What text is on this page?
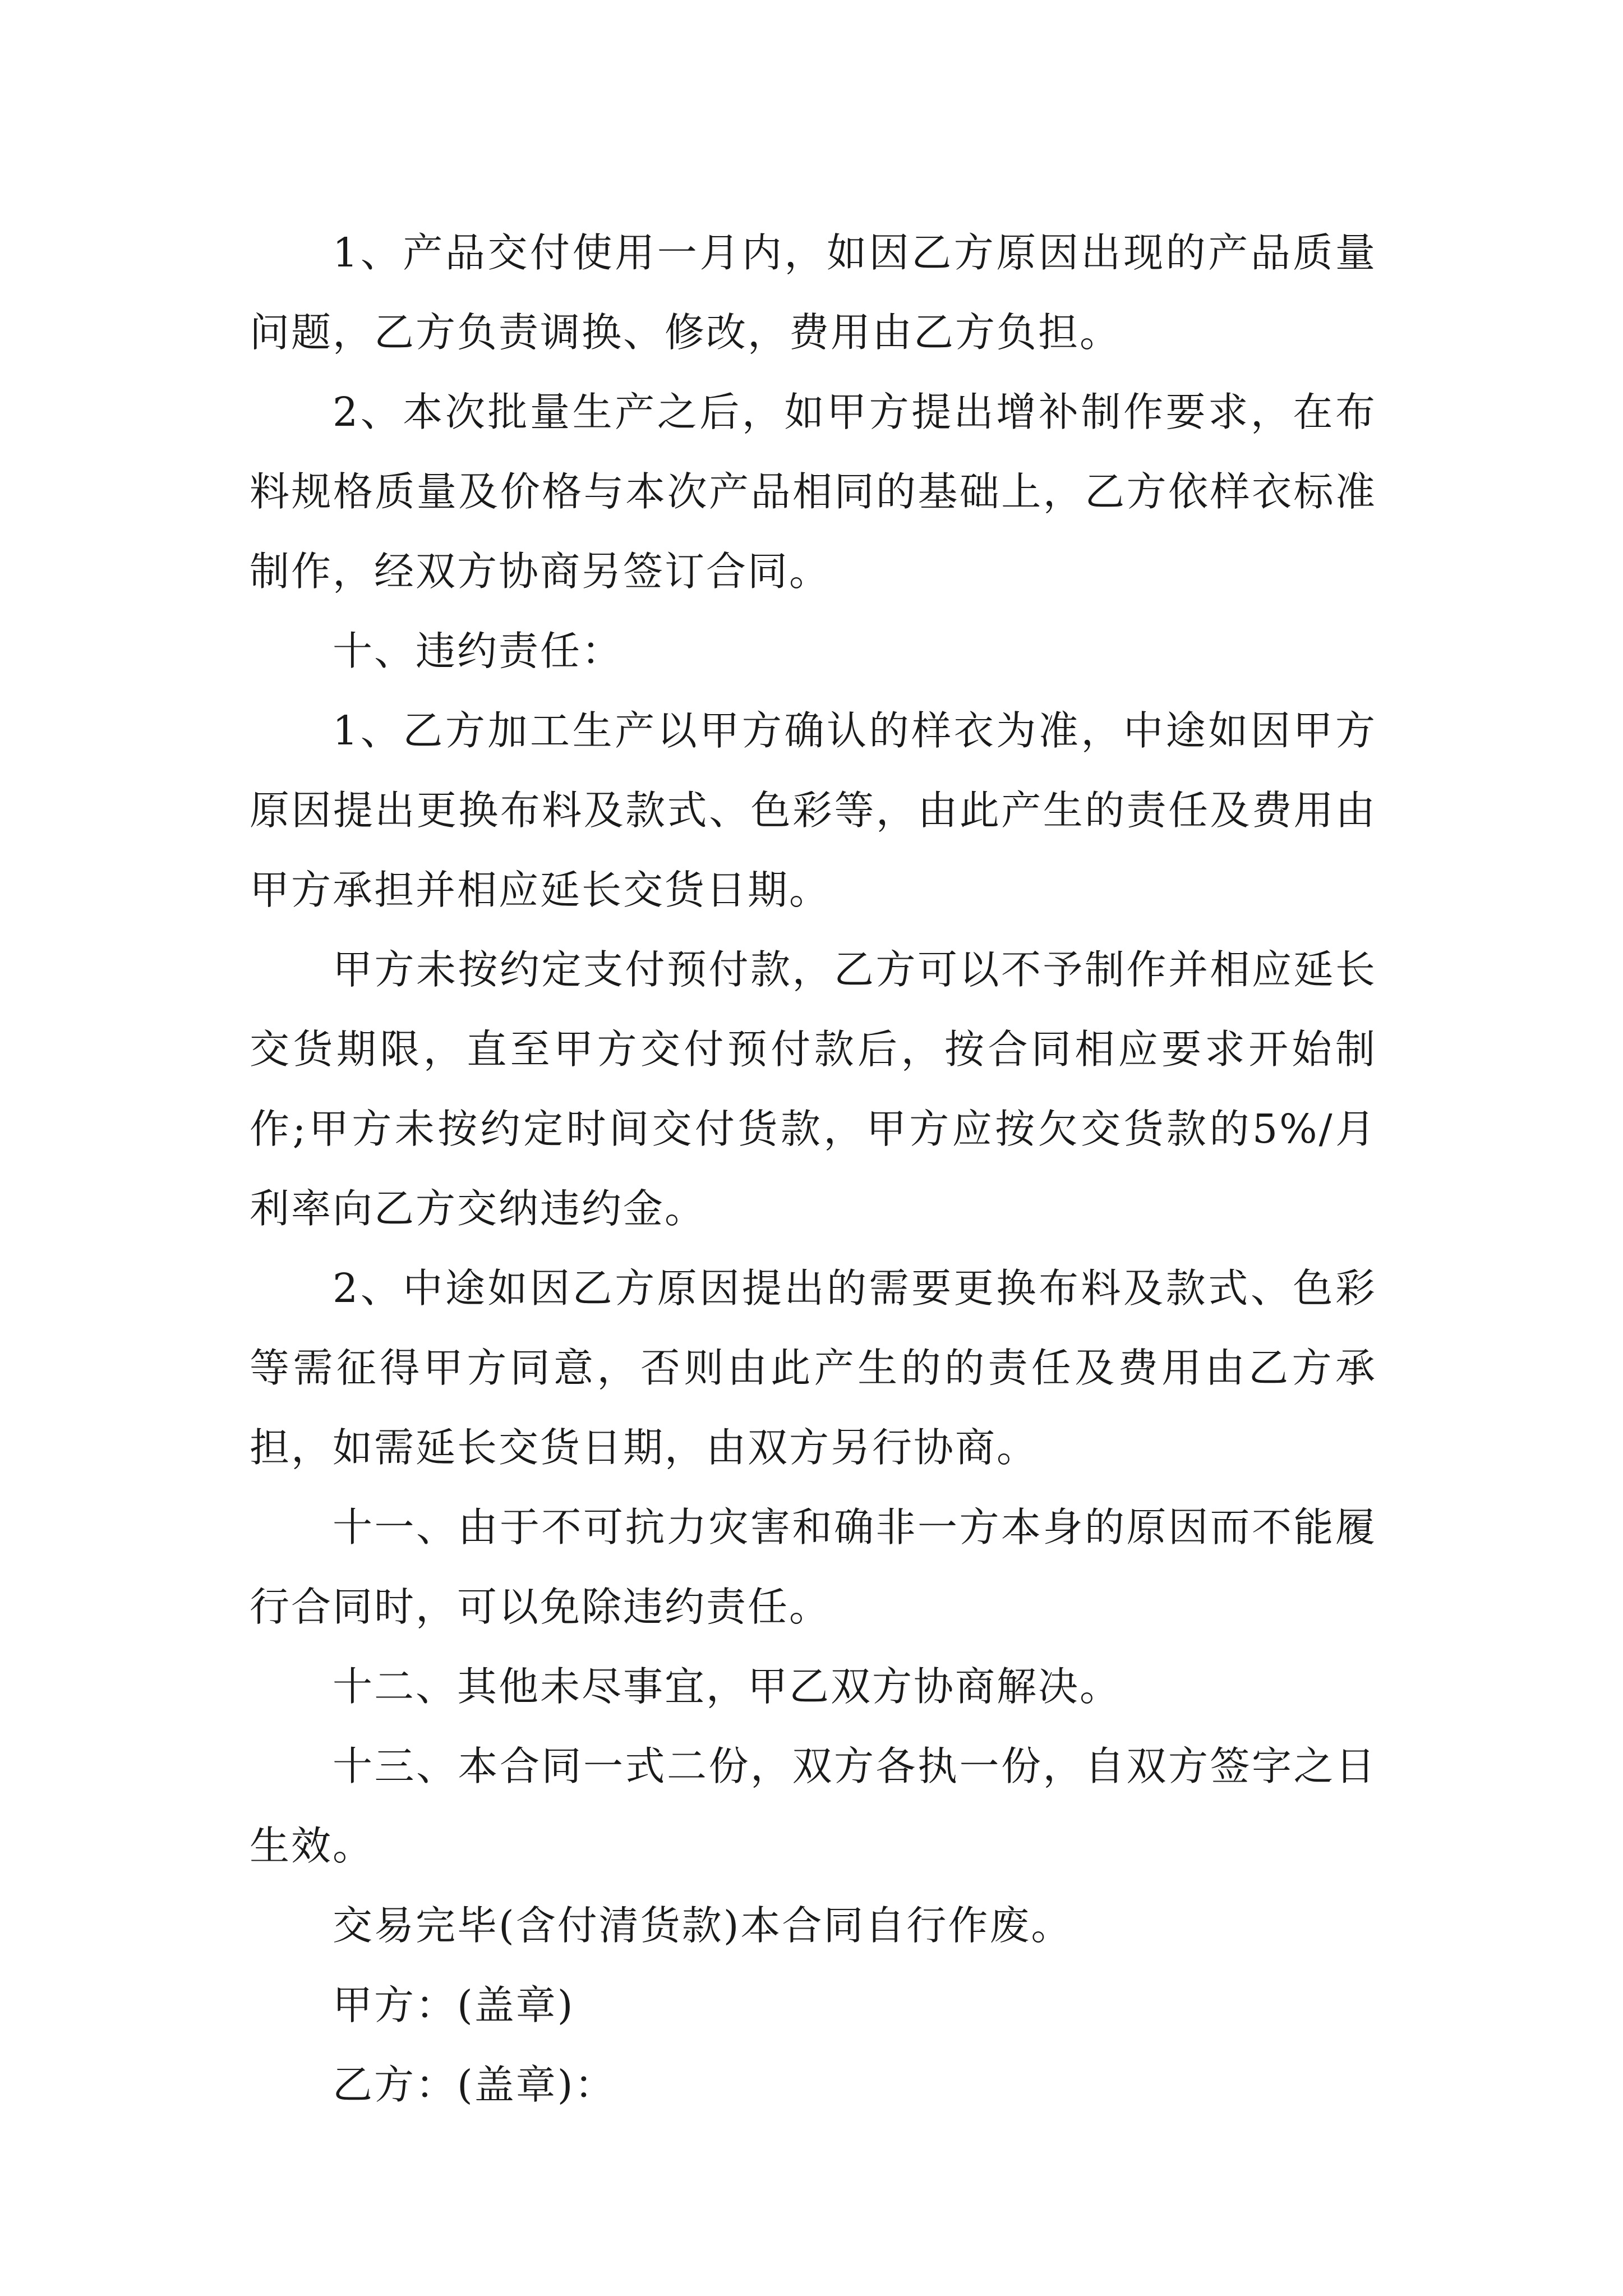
1、产品交付使用一月内，如因乙方原因出现的产品质量问题，乙方负责调换、修改，费用由乙方负担。

2、本次批量生产之后，如甲方提出增补制作要求，在布料规格质量及价格与本次产品相同的基础上，乙方依样衣标准制作，经双方协商另签订合同。

十、违约责任：

1、乙方加工生产以甲方确认的样衣为准，中途如因甲方原因提出更换布料及款式、色彩等，由此产生的责任及费用由甲方承担并相应延长交货日期。

甲方未按约定支付预付款，乙方可以不予制作并相应延长交货期限，直至甲方交付预付款后，按合同相应要求开始制作;甲方未按约定时间交付货款，甲方应按欠交货款的5%/月利率向乙方交纳违约金。

2、中途如因乙方原因提出的需要更换布料及款式、色彩等需征得甲方同意，否则由此产生的的责任及费用由乙方承担，如需延长交货日期，由双方另行协商。

十一、由于不可抗力灾害和确非一方本身的原因而不能履行合同时，可以免除违约责任。

十二、其他未尽事宜，甲乙双方协商解决。

十三、本合同一式二份，双方各执一份，自双方签字之日生效。

交易完毕(含付清货款)本合同自行作废。

甲方：(盖章)

乙方：(盖章)：
